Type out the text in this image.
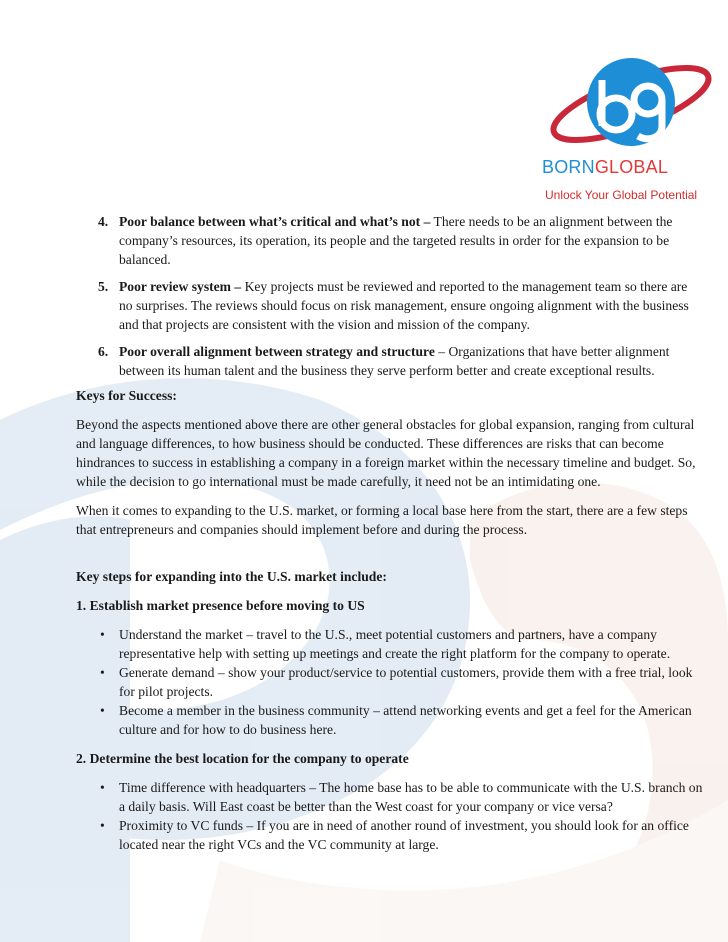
BORNGLOBAL
Unlock Your Global Potential
4. Poor balance between what’s critical and what’s not – There needs to be an alignment between the company’s resources, its operation, its people and the targeted results in order for the expansion to be balanced.
5. Poor review system – Key projects must be reviewed and reported to the management team so there are no surprises. The reviews should focus on risk management, ensure ongoing alignment with the business and that projects are consistent with the vision and mission of the company.
6. Poor overall alignment between strategy and structure – Organizations that have better alignment between its human talent and the business they serve perform better and create exceptional results.
Keys for Success:

Beyond the aspects mentioned above there are other general obstacles for global expansion, ranging from cultural and language differences, to how business should be conducted. These differences are risks that can become hindrances to success in establishing a company in a foreign market within the necessary timeline and budget. So, while the decision to go international must be made carefully, it need not be an intimidating one.

When it comes to expanding to the U.S. market, or forming a local base here from the start, there are a few steps that entrepreneurs and companies should implement before and during the process.

Key steps for expanding into the U.S. market include:
1. Establish market presence before moving to US
• Understand the market – travel to the U.S., meet potential customers and partners, have a company representative help with setting up meetings and create the right platform for the company to operate.
• Generate demand – show your product/service to potential customers, provide them with a free trial, look for pilot projects.
• Become a member in the business community – attend networking events and get a feel for the American culture and for how to do business here.
2. Determine the best location for the company to operate
• Time difference with headquarters – The home base has to be able to communicate with the U.S. branch on a daily basis. Will East coast be better than the West coast for your company or vice versa?
• Proximity to VC funds – If you are in need of another round of investment, you should look for an office located near the right VCs and the VC community at large.
